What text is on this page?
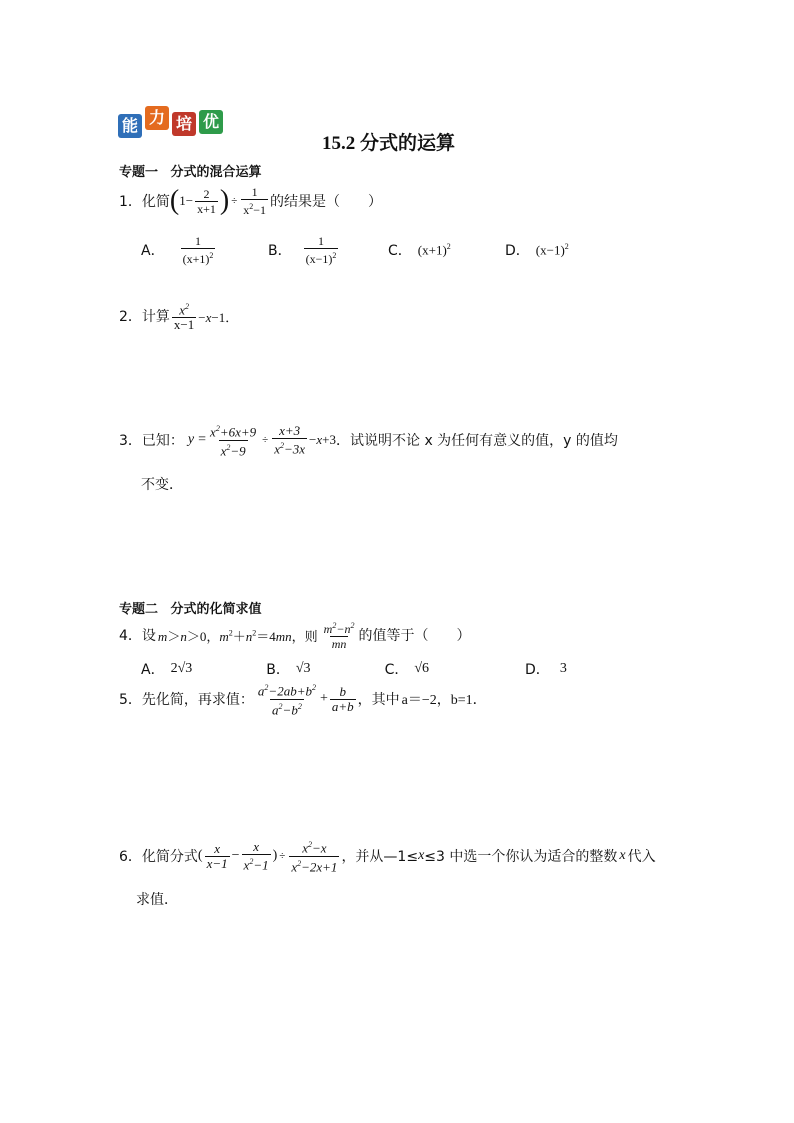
能 力 培 优
15.2 分式的运算
专题一 分式的混合运算
1． 化简 ( $1- \frac{2}{x+1}$ ) ÷ $\frac{1}{x^2-1}$ 的结果是（　　）
A． $\frac{1}{(x+1)^2}$	B． $\frac{1}{(x-1)^2}$	C． $(x+1)^2$	D． $(x-1)^2$
2． 计算 $\frac{x^2}{x-1} -x-1$．
3． 已知： $y = \frac{x^2+6x+9}{x^2-9} \div \frac{x+3}{x^2-3x} -x+3$ ．试说明不论 x 为任何有意义的值，y 的值均
不变．
专题二 分式的化简求值
4． 设 m＞n＞0，$m^2+n^2=4mn$，则 $\frac{m^2-n^2}{mn}$ 的值等于（　　）
A． 2√3	B． √3	C． √6	D． 3
5． 先化简，再求值： $\frac{a^2-2ab+b^2}{a^2-b^2} + \frac{b}{a+b}$ ，其中 a＝−2，b=1．
6． 化简分式 ( $\frac{x}{x-1} - \frac{x}{x^2-1}$ ) ÷ $\frac{x^2-x}{x^2-2x+1}$ ，并从—1≤ x ≤3 中选一个你认为适合的整数 x 代入
求值．
